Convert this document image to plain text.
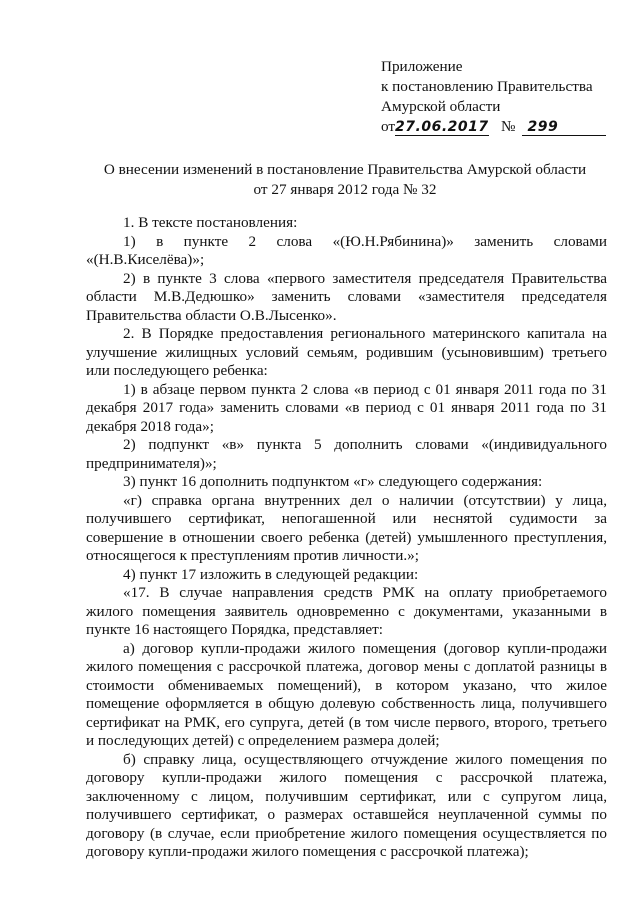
Приложение
к постановлению Правительства
Амурской области
от27.06.2017 № 299
О внесении изменений в постановление Правительства Амурской области
от 27 января 2012 года № 32

1. В тексте постановления:

1) в пункте 2 слова «(Ю.Н.Рябинина)» заменить словами «(Н.В.Киселёва)»;

2) в пункте 3 слова «первого заместителя председателя Правительства области М.В.Дедюшко» заменить словами «заместителя председателя Правительства области О.В.Лысенко».

2. В Порядке предоставления регионального материнского капитала на улучшение жилищных условий семьям, родившим (усыновившим) третьего или последующего ребенка:

1) в абзаце первом пункта 2 слова «в период с 01 января 2011 года по 31 декабря 2017 года» заменить словами «в период с 01 января 2011 года по 31 декабря 2018 года»;

2) подпункт «в» пункта 5 дополнить словами «(индивидуального предпринимателя)»;

3) пункт 16 дополнить подпунктом «г» следующего содержания:

«г) справка органа внутренних дел о наличии (отсутствии) у лица, получившего сертификат, непогашенной или неснятой судимости за совершение в отношении своего ребенка (детей) умышленного преступления, относящегося к преступлениям против личности.»;

4) пункт 17 изложить в следующей редакции:

«17. В случае направления средств РМК на оплату приобретаемого жилого помещения заявитель одновременно с документами, указанными в пункте 16 настоящего Порядка, представляет:

а) договор купли-продажи жилого помещения (договор купли-продажи жилого помещения с рассрочкой платежа, договор мены с доплатой разницы в стоимости обмениваемых помещений), в котором указано, что жилое помещение оформляется в общую долевую собственность лица, получившего сертификат на РМК, его супруга, детей (в том числе первого, второго, третьего и последующих детей) с определением размера долей;

б) справку лица, осуществляющего отчуждение жилого помещения по договору купли-продажи жилого помещения с рассрочкой платежа, заключенному с лицом, получившим сертификат, или с супругом лица, получившего сертификат, о размерах оставшейся неуплаченной суммы по договору (в случае, если приобретение жилого помещения осуществляется по договору купли-продажи жилого помещения с рассрочкой платежа);
